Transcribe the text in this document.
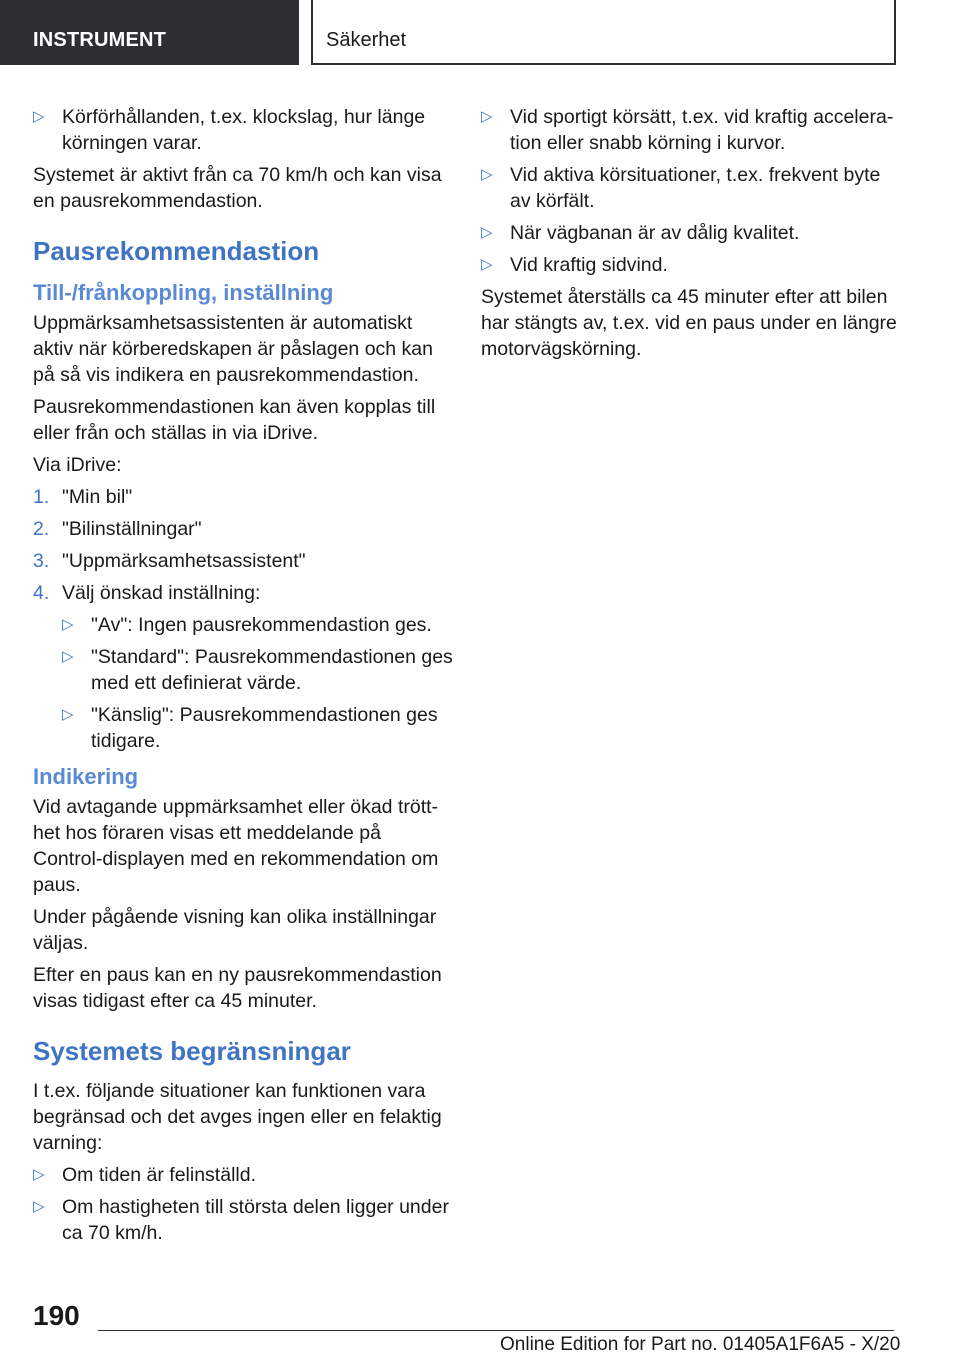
INSTRUMENT	Säkerhet
▷ Körförhållanden, t.ex. klockslag, hur länge körningen varar.

Systemet är aktivt från ca 70 km/h och kan visa en pausrekommendastion.

Pausrekommendastion
Till-/frånkoppling, inställning

Uppmärksamhetsassistenten är automatiskt aktiv när körberedskapen är påslagen och kan på så vis indikera en pausrekommendastion.

Pausrekommendastionen kan även kopplas till eller från och ställas in via iDrive.

Via iDrive:

1. "Min bil"
2. "Bilinställningar"
3. "Uppmärksamhetsassistent"
4. Välj önskad inställning:
▷ "Av": Ingen pausrekommendastion ges.
▷ "Standard": Pausrekommendastionen ges med ett definierat värde.
▷ "Känslig": Pausrekommendastionen ges tidigare.
Indikering

Vid avtagande uppmärksamhet eller ökad trötthet hos föraren visas ett meddelande på Control-displayen med en rekommendation om paus.

Under pågående visning kan olika inställningar väljas.

Efter en paus kan en ny pausrekommendastion visas tidigast efter ca 45 minuter.

Systemets begränsningar

I t.ex. följande situationer kan funktionen vara begränsad och det avges ingen eller en felaktig varning:

▷ Om tiden är felinställd.
▷ Om hastigheten till största delen ligger under ca 70 km/h.
▷ Vid sportigt körsätt, t.ex. vid kraftig acceleration eller snabb körning i kurvor.
▷ Vid aktiva körsituationer, t.ex. frekvent byte av körfält.
▷ När vägbanan är av dålig kvalitet.
▷ Vid kraftig sidvind.

Systemet återställs ca 45 minuter efter att bilen har stängts av, t.ex. vid en paus under en längre motorvägskörning.

190
Online Edition for Part no. 01405A1F6A5 - X/20
